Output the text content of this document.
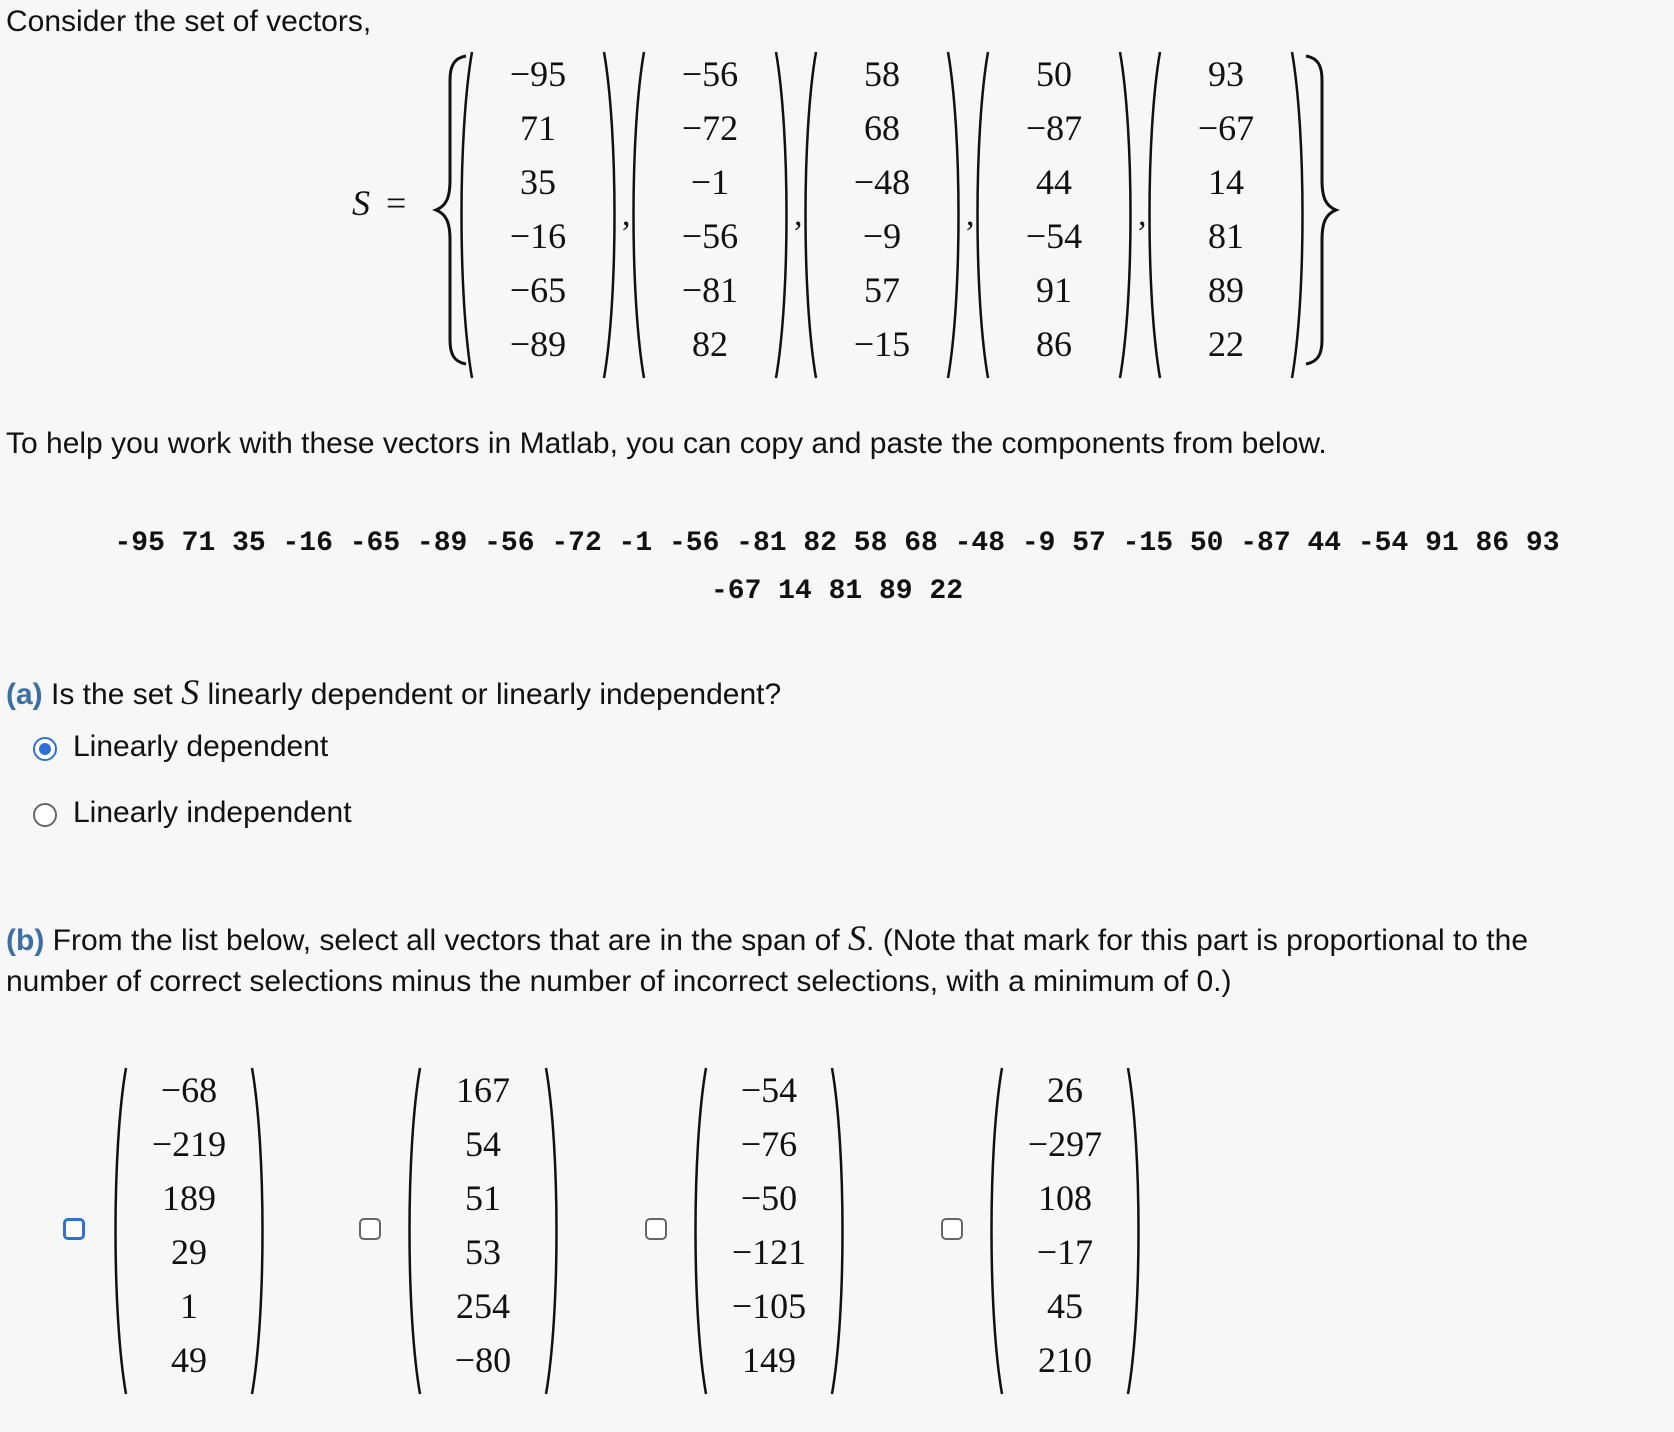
Consider the set of vectors,
S =
−95
71
35
−16
−65
−89
,
−56
−72
−1
−56
−81
82
,
58
68
−48
−9
57
−15
,
50
−87
44
−54
91
86
,
93
−67
14
81
89
22
To help you work with these vectors in Matlab, you can copy and paste the components from below.
-95 71 35 -16 -65 -89 -56 -72 -1 -56 -81 82 58 68 -48 -9 57 -15 50 -87 44 -54 91 86 93
-67 14 81 89 22
(a) Is the set S linearly dependent or linearly independent?
Linearly dependent
Linearly independent
(b) From the list below, select all vectors that are in the span of S. (Note that mark for this part is proportional to the
number of correct selections minus the number of incorrect selections, with a minimum of 0.)
−68
−219
189
29
1
49
167
54
51
53
254
−80
−54
−76
−50
−121
−105
149
26
−297
108
−17
45
210
